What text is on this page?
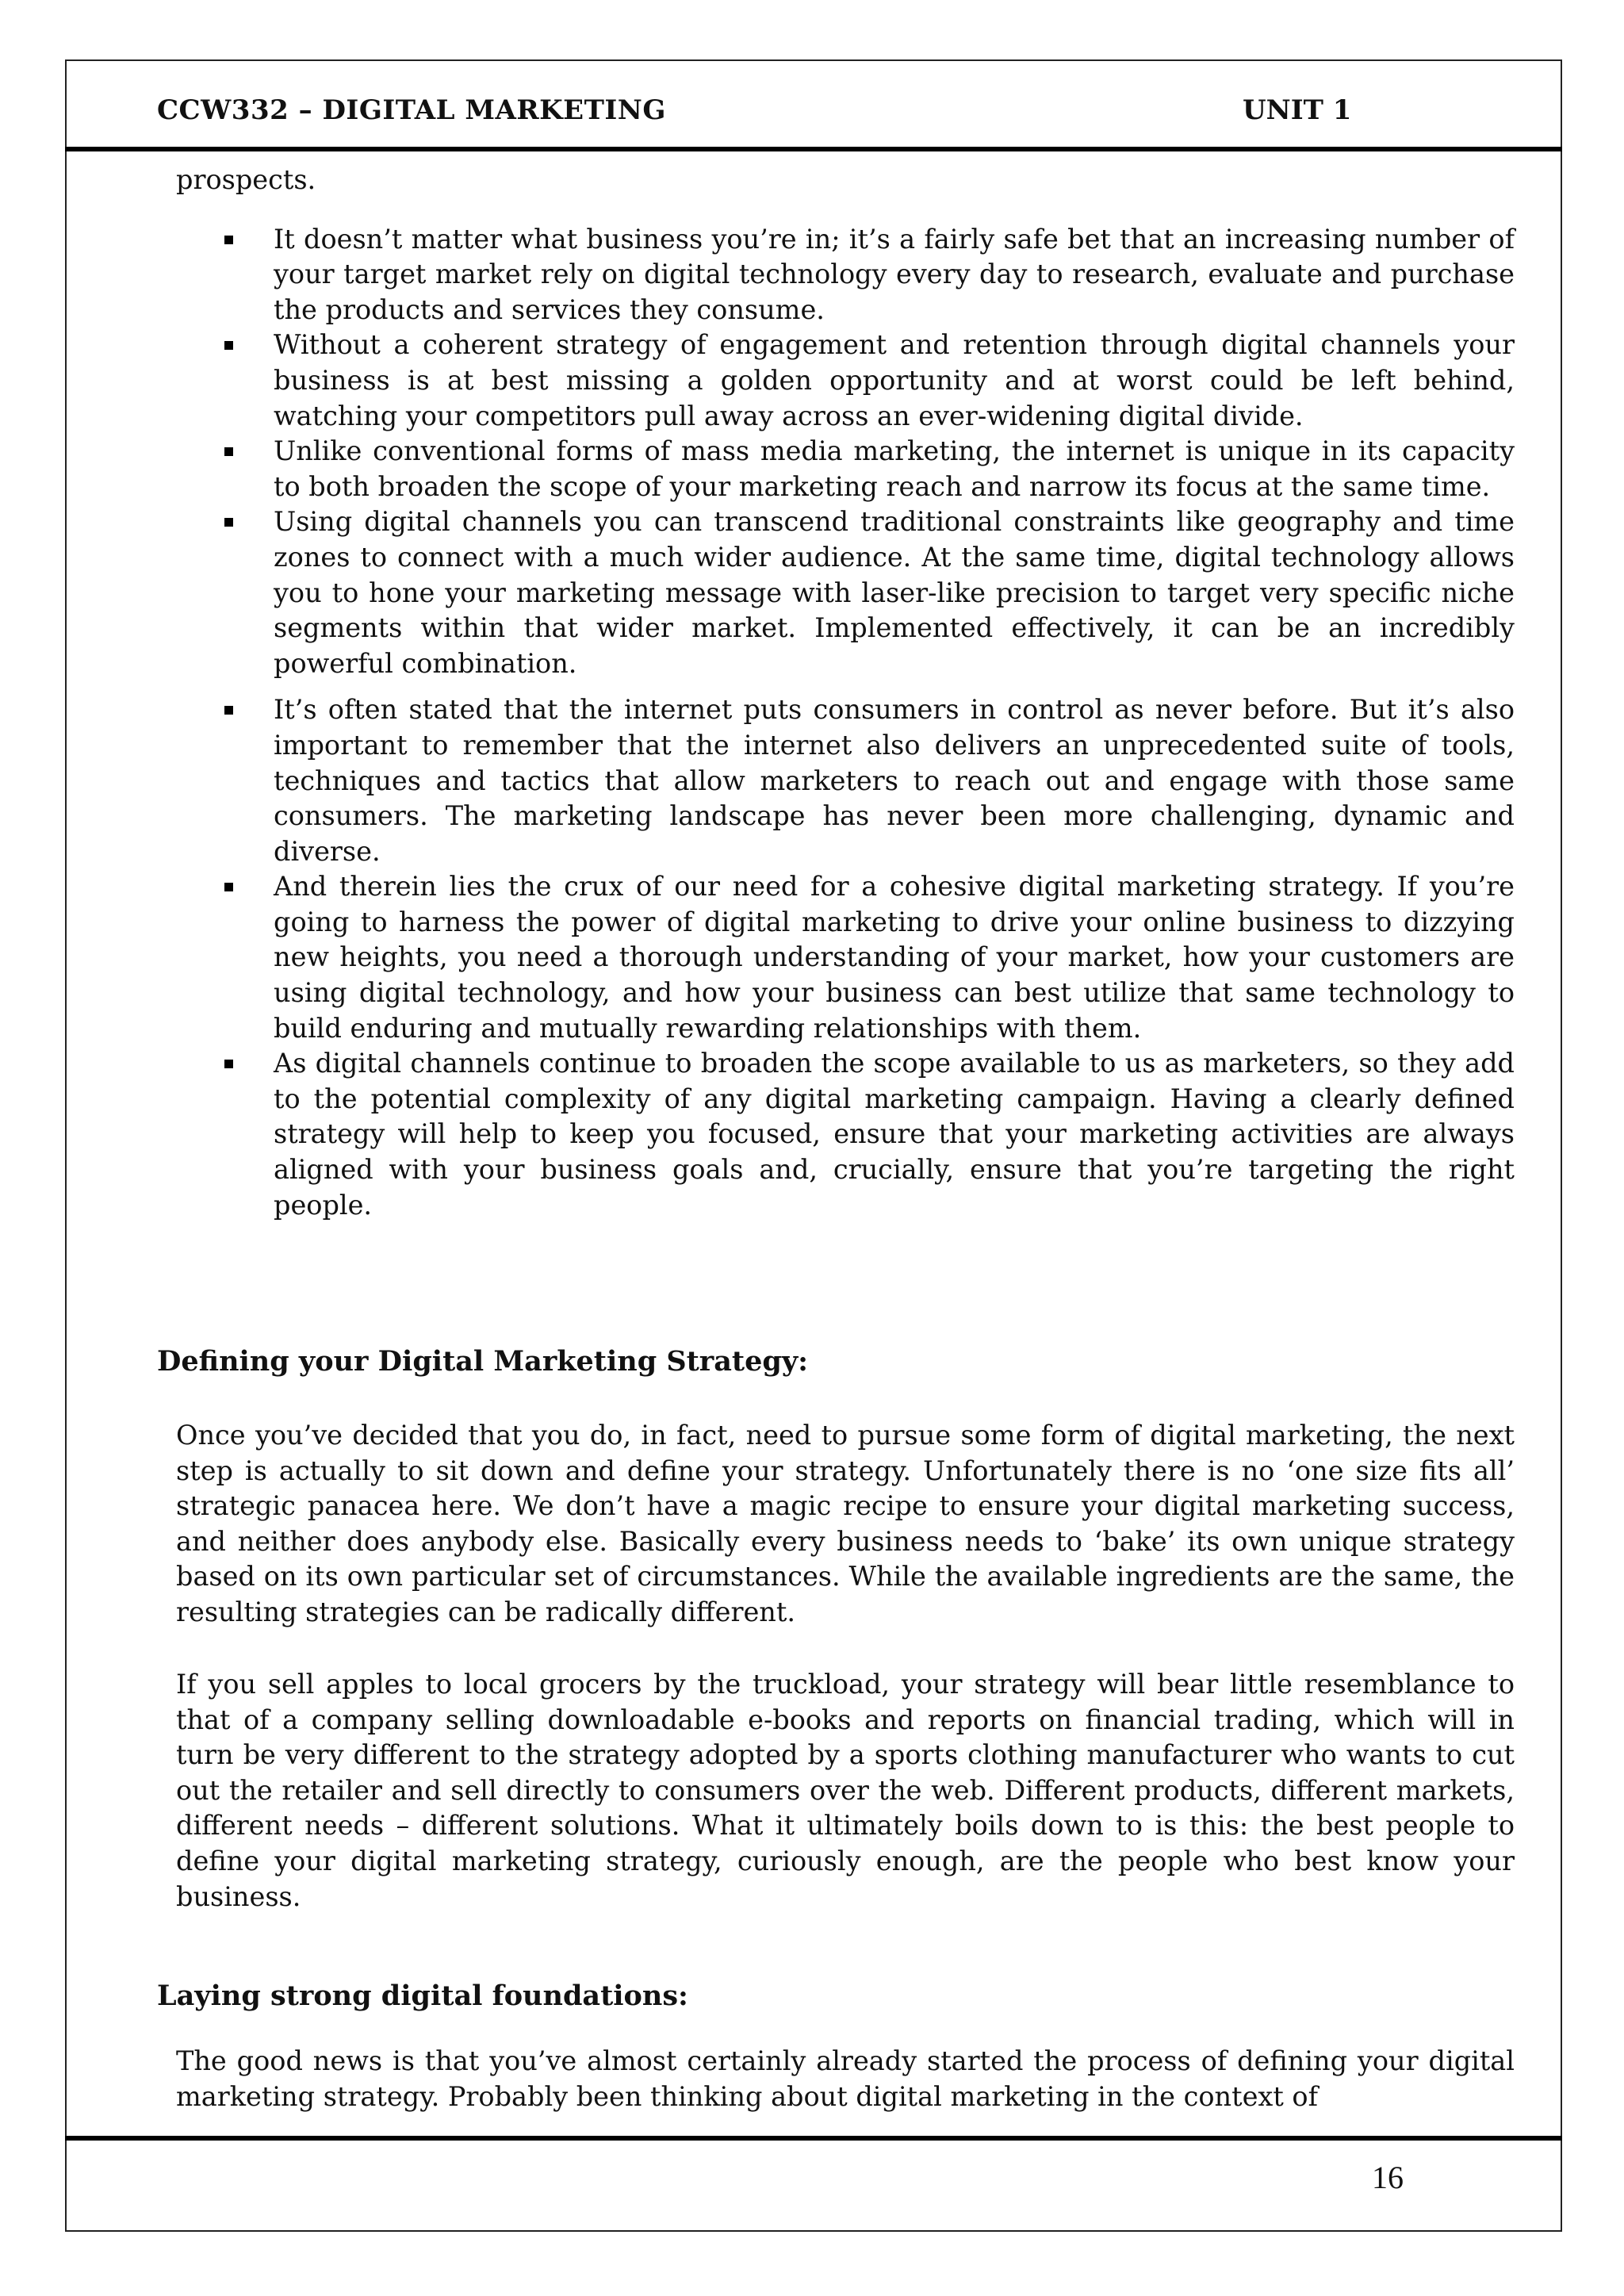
CCW332 – DIGITAL MARKETING	UNIT 1

prospects.

It doesn’t matter what business you’re in; it’s a fairly safe bet that an increasing number of your target market rely on digital technology every day to research, evaluate and purchase the products and services they consume.
Without a coherent strategy of engagement and retention through digital channels your business is at best missing a golden opportunity and at worst could be left behind, watching your competitors pull away across an ever-widening digital divide.
Unlike conventional forms of mass media marketing, the internet is unique in its capacity to both broaden the scope of your marketing reach and narrow its focus at the same time.
Using digital channels you can transcend traditional constraints like geography and time zones to connect with a much wider audience. At the same time, digital technology allows you to hone your marketing message with laser-like precision to target very specific niche segments within that wider market. Implemented effectively, it can be an incredibly powerful combination.
It’s often stated that the internet puts consumers in control as never before. But it’s also important to remember that the internet also delivers an unprecedented suite of tools, techniques and tactics that allow marketers to reach out and engage with those same consumers. The marketing landscape has never been more challenging, dynamic and diverse.
And therein lies the crux of our need for a cohesive digital marketing strategy. If you’re going to harness the power of digital marketing to drive your online business to dizzying new heights, you need a thorough understanding of your market, how your customers are using digital technology, and how your business can best utilize that same technology to build enduring and mutually rewarding relationships with them.
As digital channels continue to broaden the scope available to us as marketers, so they add to the potential complexity of any digital marketing campaign. Having a clearly defined strategy will help to keep you focused, ensure that your marketing activities are always aligned with your business goals and, crucially, ensure that you’re targeting the right people.
Defining your Digital Marketing Strategy:

Once you’ve decided that you do, in fact, need to pursue some form of digital marketing, the next step is actually to sit down and define your strategy. Unfortunately there is no ‘one size fits all’ strategic panacea here. We don’t have a magic recipe to ensure your digital marketing success, and neither does anybody else. Basically every business needs to ‘bake’ its own unique strategy based on its own particular set of circumstances. While the available ingredients are the same, the resulting strategies can be radically different.

If you sell apples to local grocers by the truckload, your strategy will bear little resemblance to that of a company selling downloadable e-books and reports on financial trading, which will in turn be very different to the strategy adopted by a sports clothing manufacturer who wants to cut out the retailer and sell directly to consumers over the web. Different products, different markets, different needs – different solutions. What it ultimately boils down to is this: the best people to define your digital marketing strategy, curiously enough, are the people who best know your business.

Laying strong digital foundations:

The good news is that you’ve almost certainly already started the process of defining your digital marketing strategy. Probably been thinking about digital marketing in the context of

16
